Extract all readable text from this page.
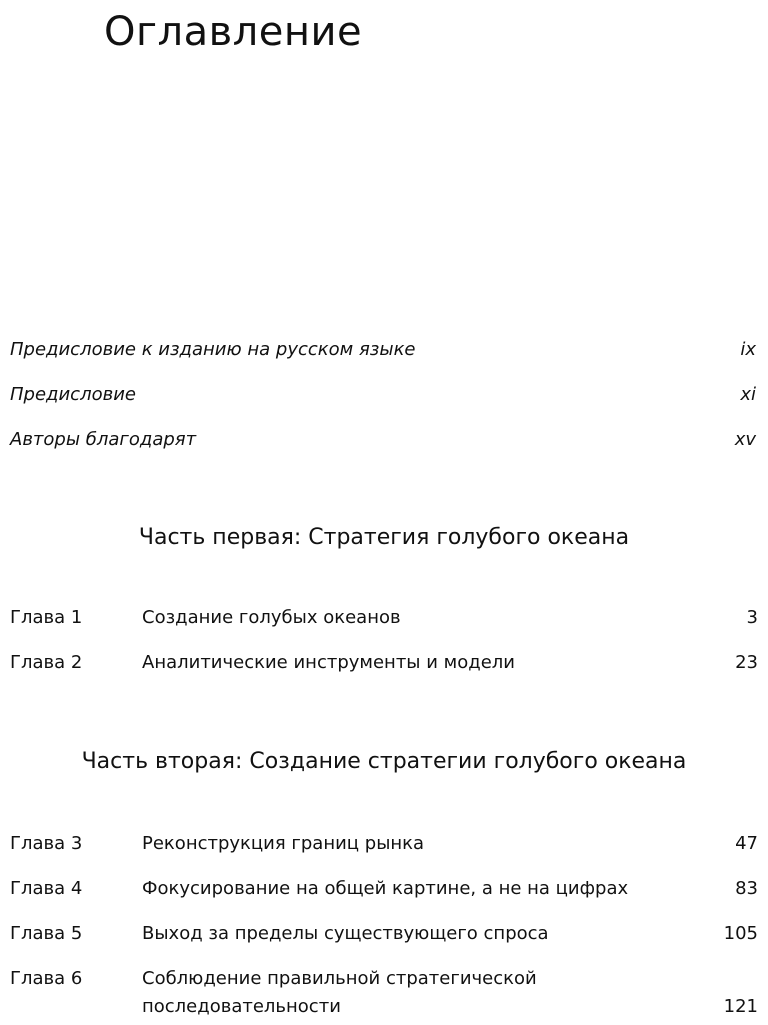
Оглавление
Предисловие к изданию на русском языке	ix
Предисловие	xi
Авторы благодарят	xv
Часть первая: Стратегия голубого океана
Глава 1	Создание голубых океанов	3
Глава 2	Аналитические инструменты и модели	23
Часть вторая: Создание стратегии голубого океана
Глава 3	Реконструкция границ рынка	47
Глава 4	Фокусирование на общей картине, а не на цифрах	83
Глава 5	Выход за пределы существующего спроса	105
Глава 6	Соблюдение правильной стратегической последовательности	121
